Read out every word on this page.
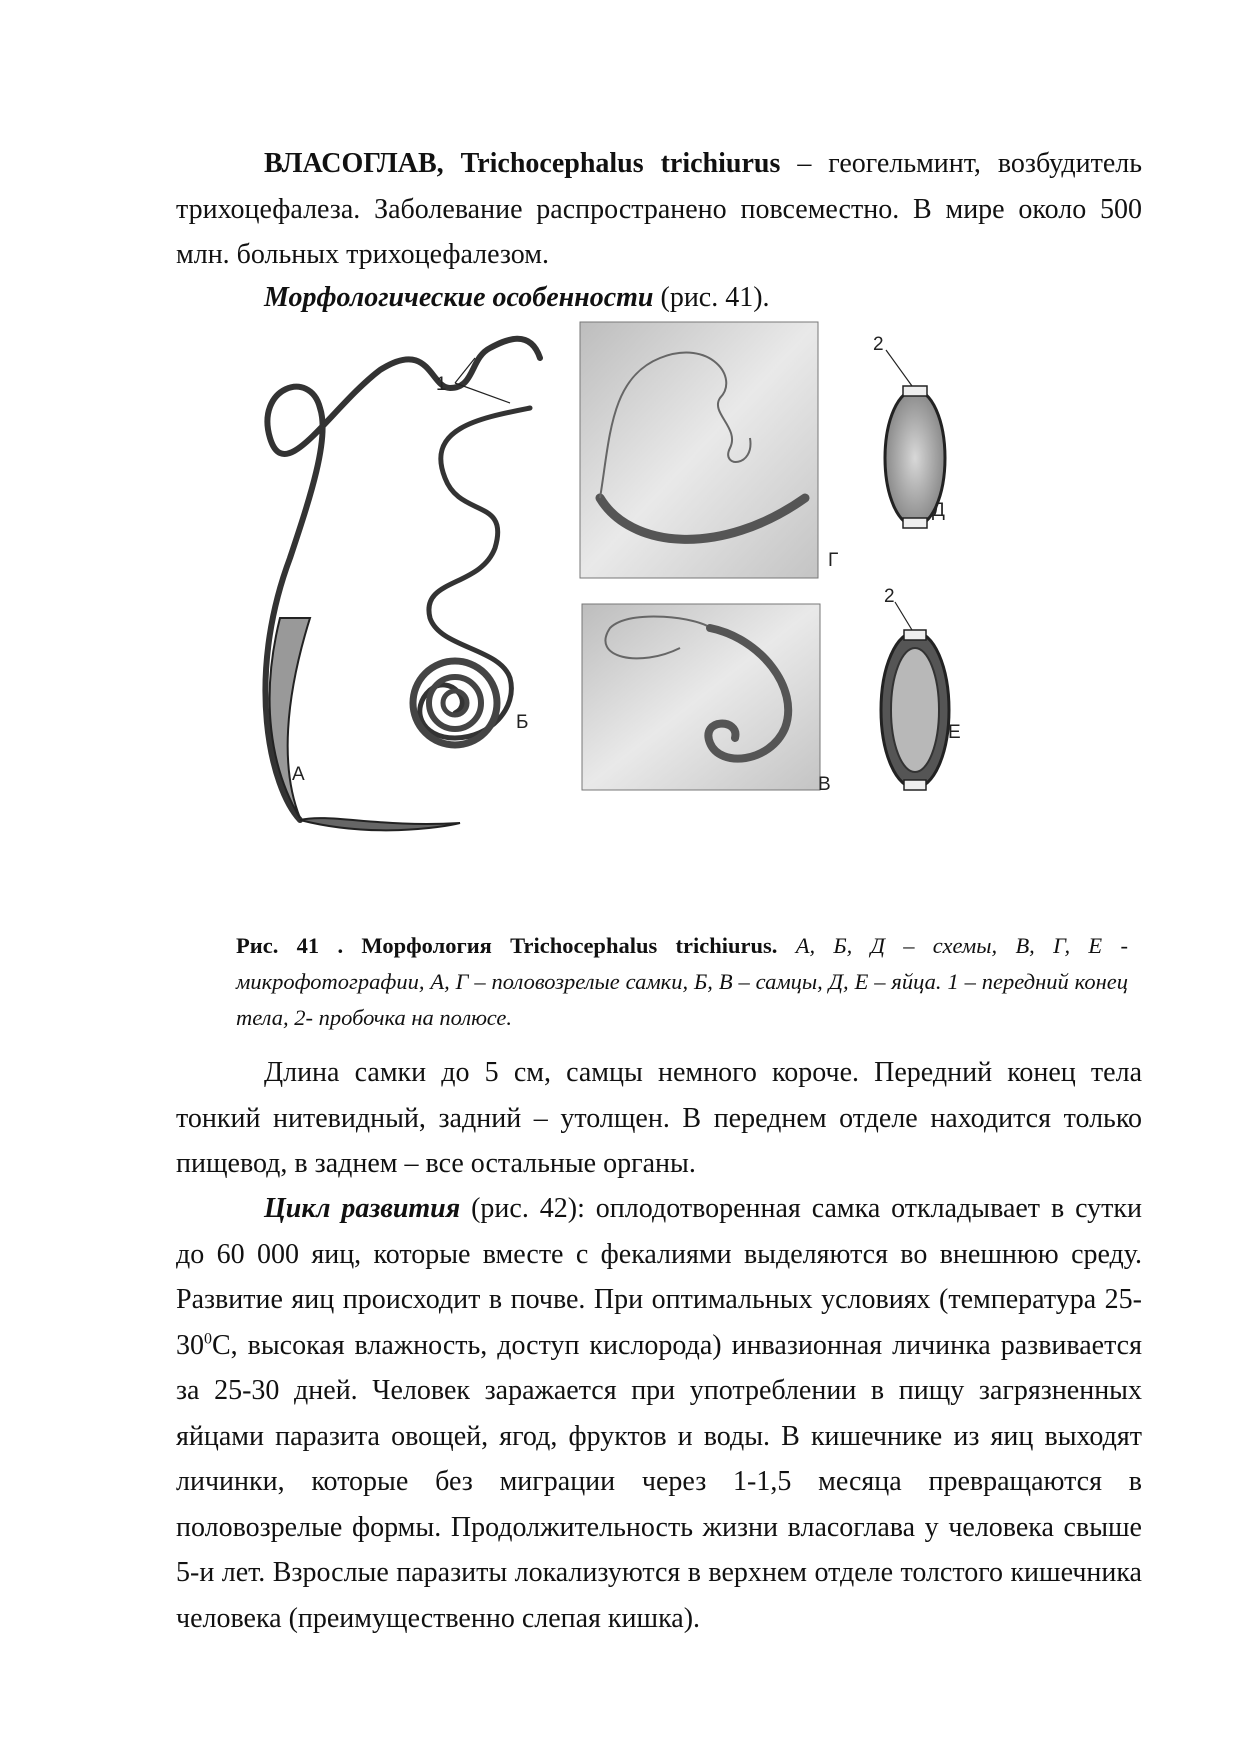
ВЛАСОГЛАВ, Trichocephalus trichiurus – геогельминт, возбудитель трихоцефалеза. Заболевание распространено повсеместно. В мире около 500 млн. больных трихоцефалезом.

Морфологические особенности (рис. 41).

1
А
Б
Г
В
2
Д
2
Е

Рис. 41 . Морфология Trichocephalus trichiurus. А, Б, Д – схемы, В, Г, Е - микрофотографии, А, Г – половозрелые самки, Б, В – самцы, Д, Е – яйца. 1 – передний конец тела, 2- пробочка на полюсе.

Длина самки до 5 см, самцы немного короче. Передний конец тела тонкий нитевидный, задний – утолщен. В переднем отделе находится только пищевод, в заднем – все остальные органы.

Цикл развития (рис. 42): оплодотворенная самка откладывает в сутки до 60 000 яиц, которые вместе с фекалиями выделяются во внешнюю среду. Развитие яиц происходит в почве. При оптимальных условиях (температура $25-30^0С$, высокая влажность, доступ кислорода) инвазионная личинка развивается за 25-30 дней. Человек заражается при употреблении в пищу загрязненных яйцами паразита овощей, ягод, фруктов и воды. В кишечнике из яиц выходят личинки, которые без миграции через 1-1,5 месяца превращаются в половозрелые формы. Продолжительность жизни власоглава у человека свыше 5-и лет. Взрослые паразиты локализуются в верхнем отделе толстого кишечника человека (преимущественно слепая кишка).
